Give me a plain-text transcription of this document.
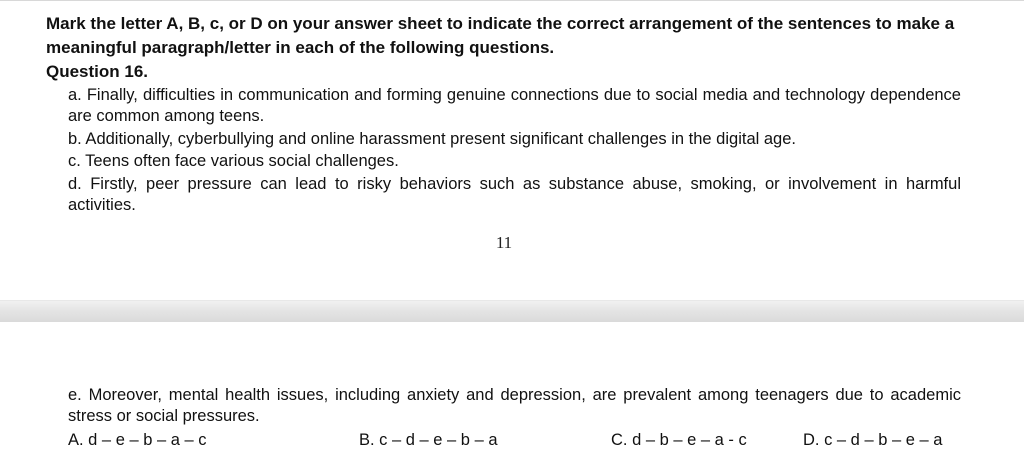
Mark the letter A, B, c, or D on your answer sheet to indicate the correct arrangement of the sentences to make a meaningful paragraph/letter in each of the following questions.

Question 16.

a. Finally, difficulties in communication and forming genuine connections due to social media and technology dependence are common among teens.

b. Additionally, cyberbullying and online harassment present significant challenges in the digital age.

c. Teens often face various social challenges.

d. Firstly, peer pressure can lead to risky behaviors such as substance abuse, smoking, or involvement in harmful activities.

11

e. Moreover, mental health issues, including anxiety and depression, are prevalent among teenagers due to academic stress or social pressures.

A. d – e – b – a – c	B. c – d – e – b – a	C. d – b – e – a - c	D. c – d – b – e – a
